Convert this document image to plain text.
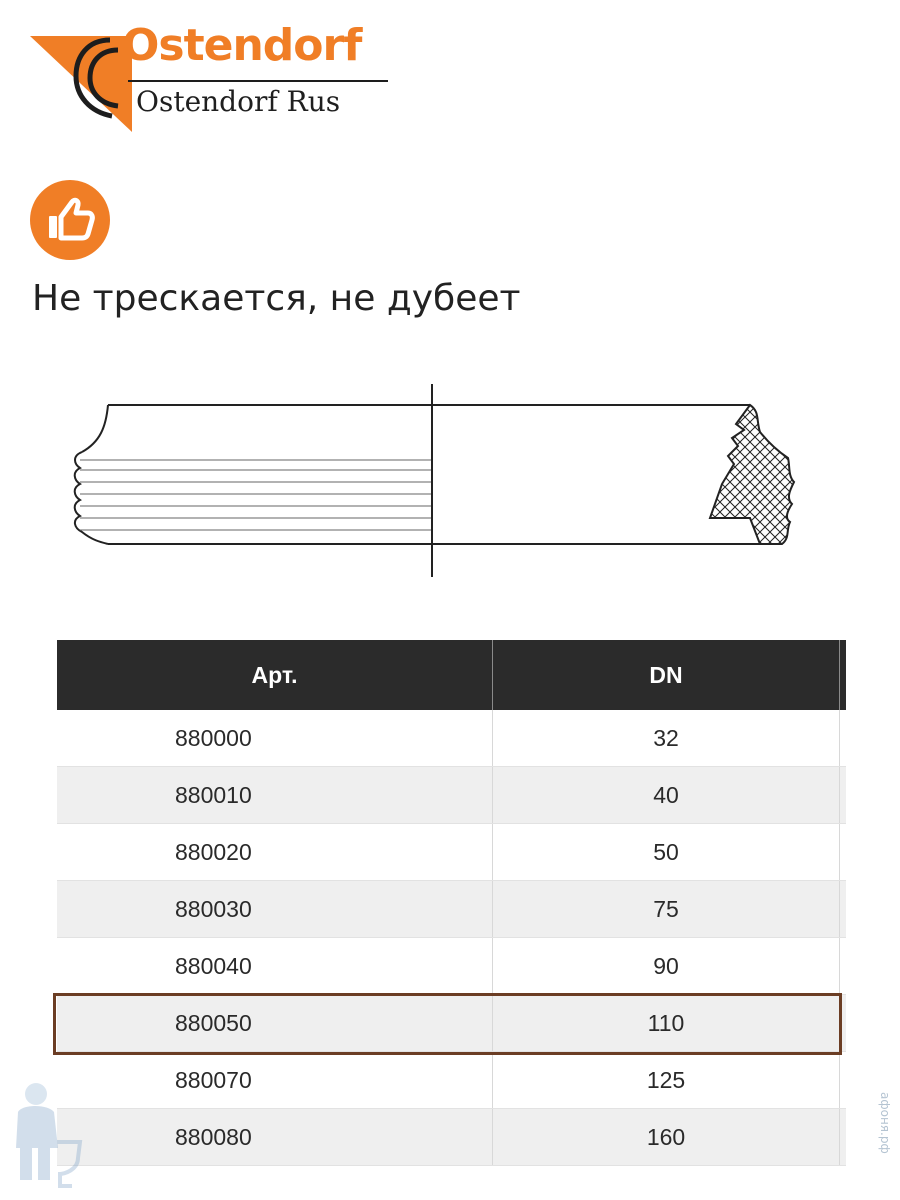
Ostendorf
Ostendorf Rus
Не трескается, не дубеет
Арт.	DN	
880000	32	
880010	40	
880020	50	
880030	75	
880040	90	
880050	110	
880070	125	
880080	160		афоня.рф
